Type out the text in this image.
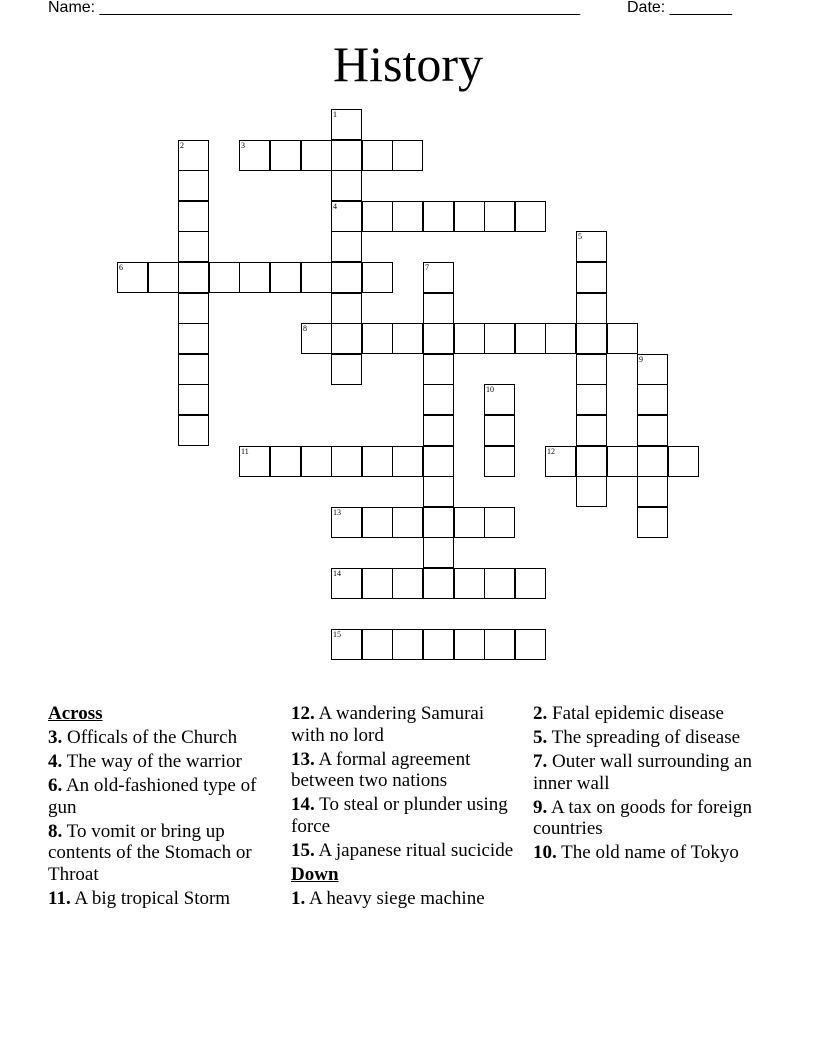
Name: ______________________________________________________	Date: _______
History
1
4
2	3
5
6	7
8
9
10
11	12
13
14
15
Across
3. Officals of the Church
4. The way of the warrior
6. An old-fashioned type of gun
8. To vomit or bring up contents of the Stomach or Throat
11. A big tropical Storm
12. A wandering Samurai with no lord
13. A formal agreement between two nations
14. To steal or plunder using force
15. A japanese ritual sucicide
Down
1. A heavy siege machine
2. Fatal epidemic disease
5. The spreading of disease
7. Outer wall surrounding an inner wall
9. A tax on goods for foreign countries
10. The old name of Tokyo
